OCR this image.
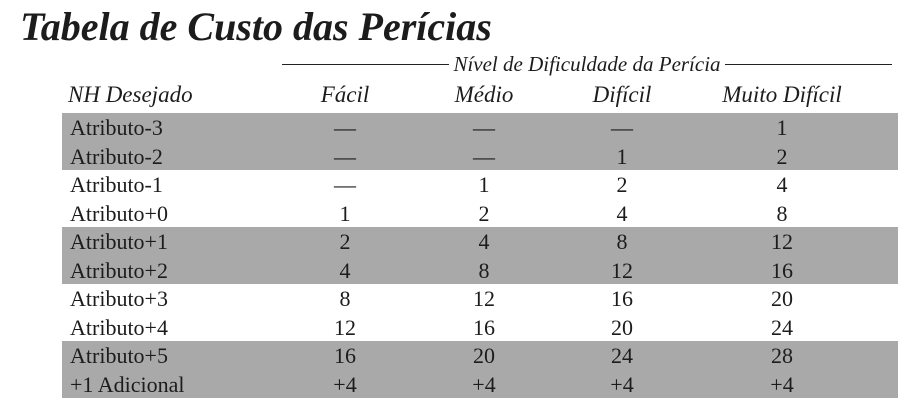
Tabela de Custo das Perícias
Nível de Dificuldade da Perícia
NH Desejado	Fácil	Médio	Difícil	Muito Difícil
Atributo-3	—	—	—	1
Atributo-2	—	—	1	2
Atributo-1	—	1	2	4
Atributo+0	1	2	4	8
Atributo+1	2	4	8	12
Atributo+2	4	8	12	16
Atributo+3	8	12	16	20
Atributo+4	12	16	20	24
Atributo+5	16	20	24	28
+1 Adicional	+4	+4	+4	+4
